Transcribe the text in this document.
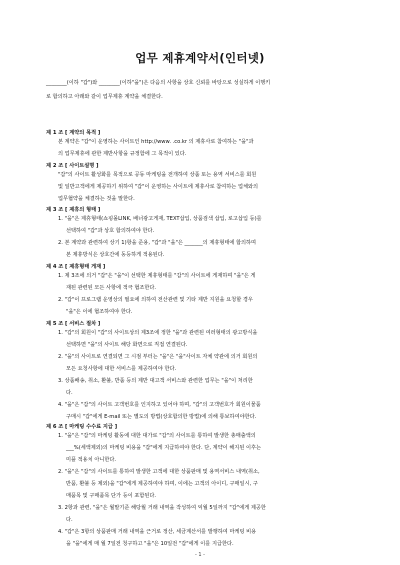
업무 제휴계약서(인터넷)
________(이하 "갑")와 ________(이하"을")은 다음의 사항을 상호 신뢰를 바탕으로 성실하게 이행키
로 합의하고 아래와 같이 업무제휴 계약을 체결한다.
제 1 조 [ 계약의 목적 ]
본 계약은 "갑"이 운영하는 사이트인 http://www. .co.kr 의 제휴사로 참여하는 "을"과
의 업무제휴에 관한 제반사항을 규정함에 그 목적이 있다.
제 2 조 [ 사이트설명 ]
"갑"의 사이트 활성화를 목적으로 공동 마케팅을 전개하여 상품 또는 용역 서비스를 회원
및 일반고객에게 제공하기 위하여 "갑"이 운영하는 사이트에 제휴사로 참여하는 업체와의
업무협약을 체결하는 것을 말한다.
제 3 조 [ 제휴의 형태 ]
1. "을"은 제휴형태(쇼핑몰LINK, 배너광고게재, TEXT삽입, 상품검색 삽입, 로고삽입 등)를
선택하여 "갑"과 상호 합의하여야 한다.
2. 본 계약과 관련하여 상기 1)항을 준용, "갑"과 "을"은 _______의 제휴형태에 합의하며
본 제휴방식은 상호간에 동등하게 적용된다.
제 4 조 [ 제휴형태 게재 ]
1. 제 3조에 의거 "갑"은 "을"이 선택한 제휴형태를 "갑"의 사이트에 게재하며 "을"은 게
재된 관련된 모든 사항에 적극 협조한다.
2. "갑"이 프로그램 운영상의 필요에 의하여 전산관련 및 기타 제반 지원을 요청할 경우
"을"은 이에 협조하여야 한다.
제 5 조 [ 서비스 절차 ]
1. "갑"의 회원이 "갑"의 사이트상의 제3조에 정한 "을"과 관련된 여러형태의 광고방식을
선택하면 "을"의 사이트 해당 화면으로 직접 연결된다.
2. "을"의 사이트로 연결되면 그 시점 부터는 "을"은 "을"사이트 자체 약관에 의거 회원의
모든 요청사항에 대한 서비스를 제공하여야 한다.
3. 상품배송, 취소, 환불, 반품 등의 제반 대고객 서비스와 관련한 업무는 "을"이 처리한
다.
4. "을"은 "갑"의 사이트 고객번호를 인지하고 있어야 하며, "갑"의 고객번호가 회원이물품
구매시 "갑"에게 E-mail 또는 별도의 방법(상호합의한 방법)에 의해 통보하여야한다.
제 6 조 [ 마케팅 수수료 지급 ]
1. "을"은 "갑"의 마케팅 활동에 대한 대가로 "갑"의 사이트를 통하여 발생한 총매출액의
___%(세액제외)의 마케팅 비용을 "갑"에게 지급하여야 한다. 단, 계약이 해지된 이후는
미플 적용치 아니한다.
2. "을"은 "갑"의 사이트를 통하여 발생한 고객에 대한 상품판매 및 용역서비스 내역(취소,
반품, 환불 등 제외)을 "갑"에게 제공하여야 하며, 이에는 고객의 아이디, 구매일시, 구
매품목 및 구매품목 단가 등이 포함된다.
3. 2항과 관련, "을"은 월말기준 해당월 거래 내역을 작성하여 익월 5일까지 "갑"에게 제공한
다.
4. "갑"은 3항의 상품판매 거래 내역을 근거로 정산, 세금계산서를 발행하여 마케팅 비용
을 "을"에게 매 월 7일전 청구하고 "을"은 10일전 "갑"에게 이를 지급한다.
- 1 -
